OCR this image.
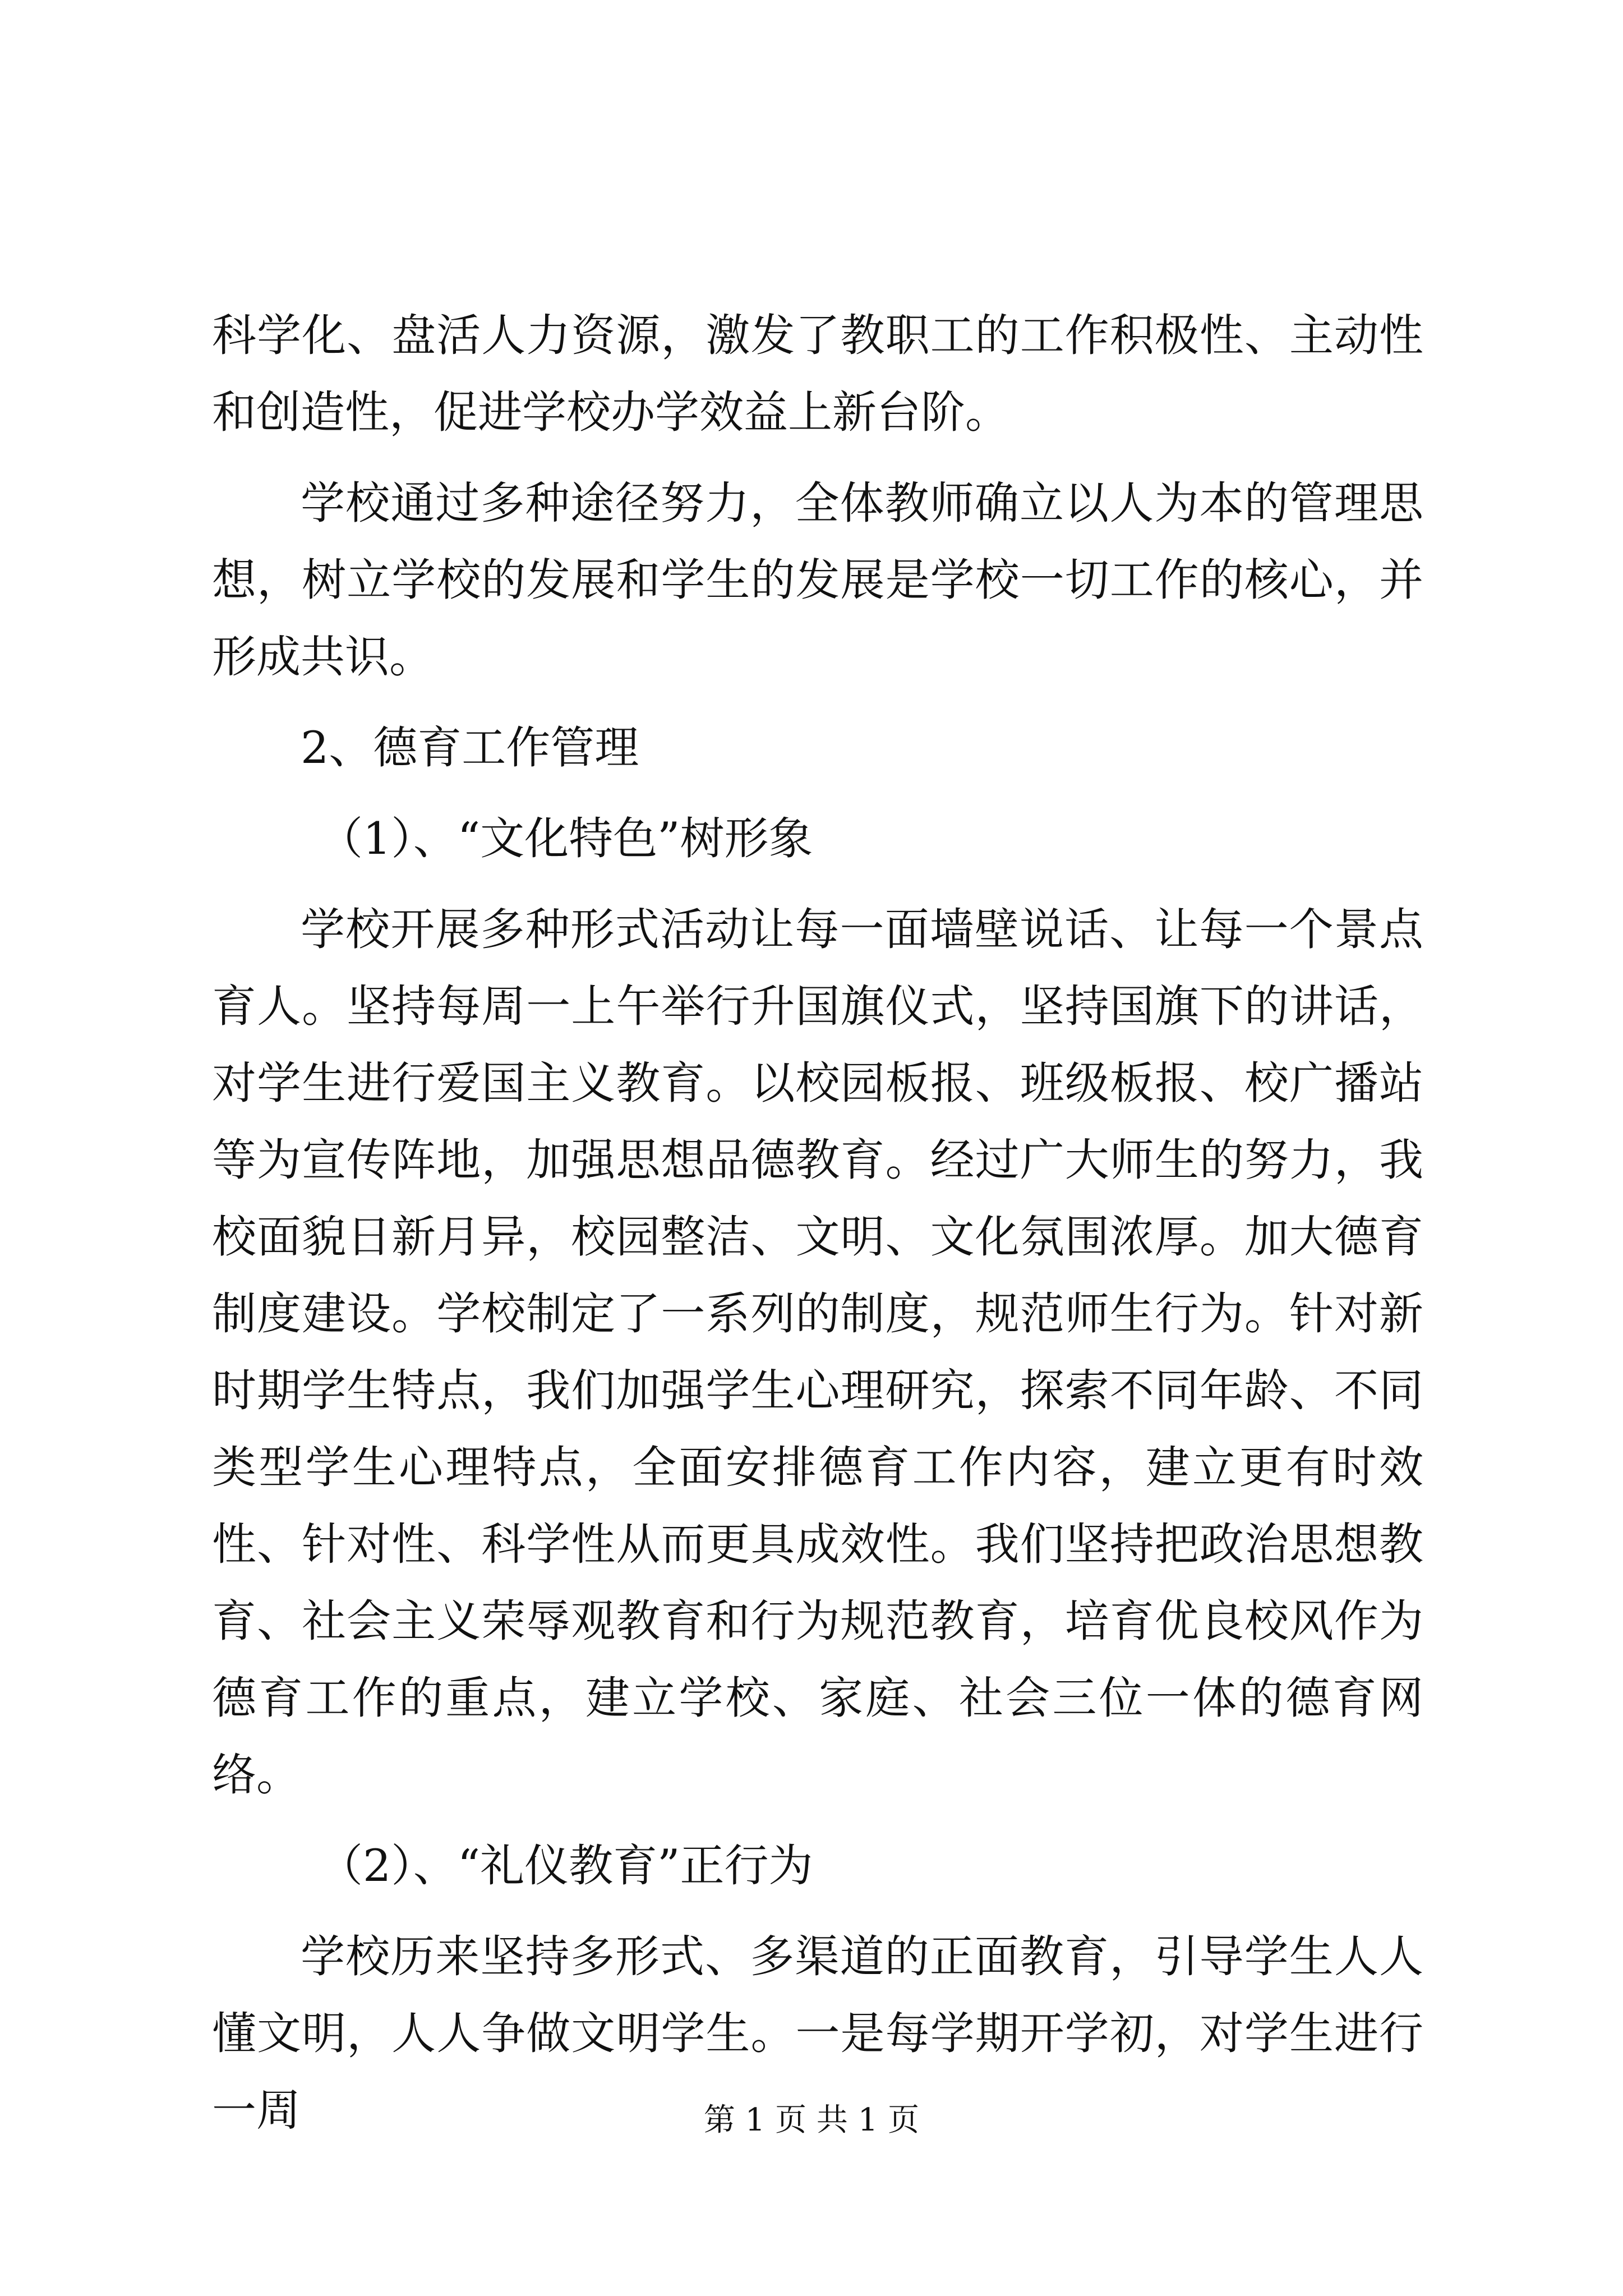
科学化、盘活人力资源，激发了教职工的工作积极性、主动性和创造性，促进学校办学效益上新台阶。

学校通过多种途径努力，全体教师确立以人为本的管理思想，树立学校的发展和学生的发展是学校一切工作的核心，并形成共识。

2、德育工作管理

（1）、“文化特色”树形象

学校开展多种形式活动让每一面墙壁说话、让每一个景点育人。坚持每周一上午举行升国旗仪式，坚持国旗下的讲话，对学生进行爱国主义教育。以校园板报、班级板报、校广播站等为宣传阵地，加强思想品德教育。经过广大师生的努力，我校面貌日新月异，校园整洁、文明、文化氛围浓厚。加大德育制度建设。学校制定了一系列的制度，规范师生行为。针对新时期学生特点，我们加强学生心理研究，探索不同年龄、不同类型学生心理特点，全面安排德育工作内容，建立更有时效性、针对性、科学性从而更具成效性。我们坚持把政治思想教育、社会主义荣辱观教育和行为规范教育，培育优良校风作为德育工作的重点，建立学校、家庭、社会三位一体的德育网络。

（2）、“礼仪教育”正行为

学校历来坚持多形式、多渠道的正面教育，引导学生人人懂文明，人人争做文明学生。一是每学期开学初，对学生进行一周	第 1 页 共 1 页
